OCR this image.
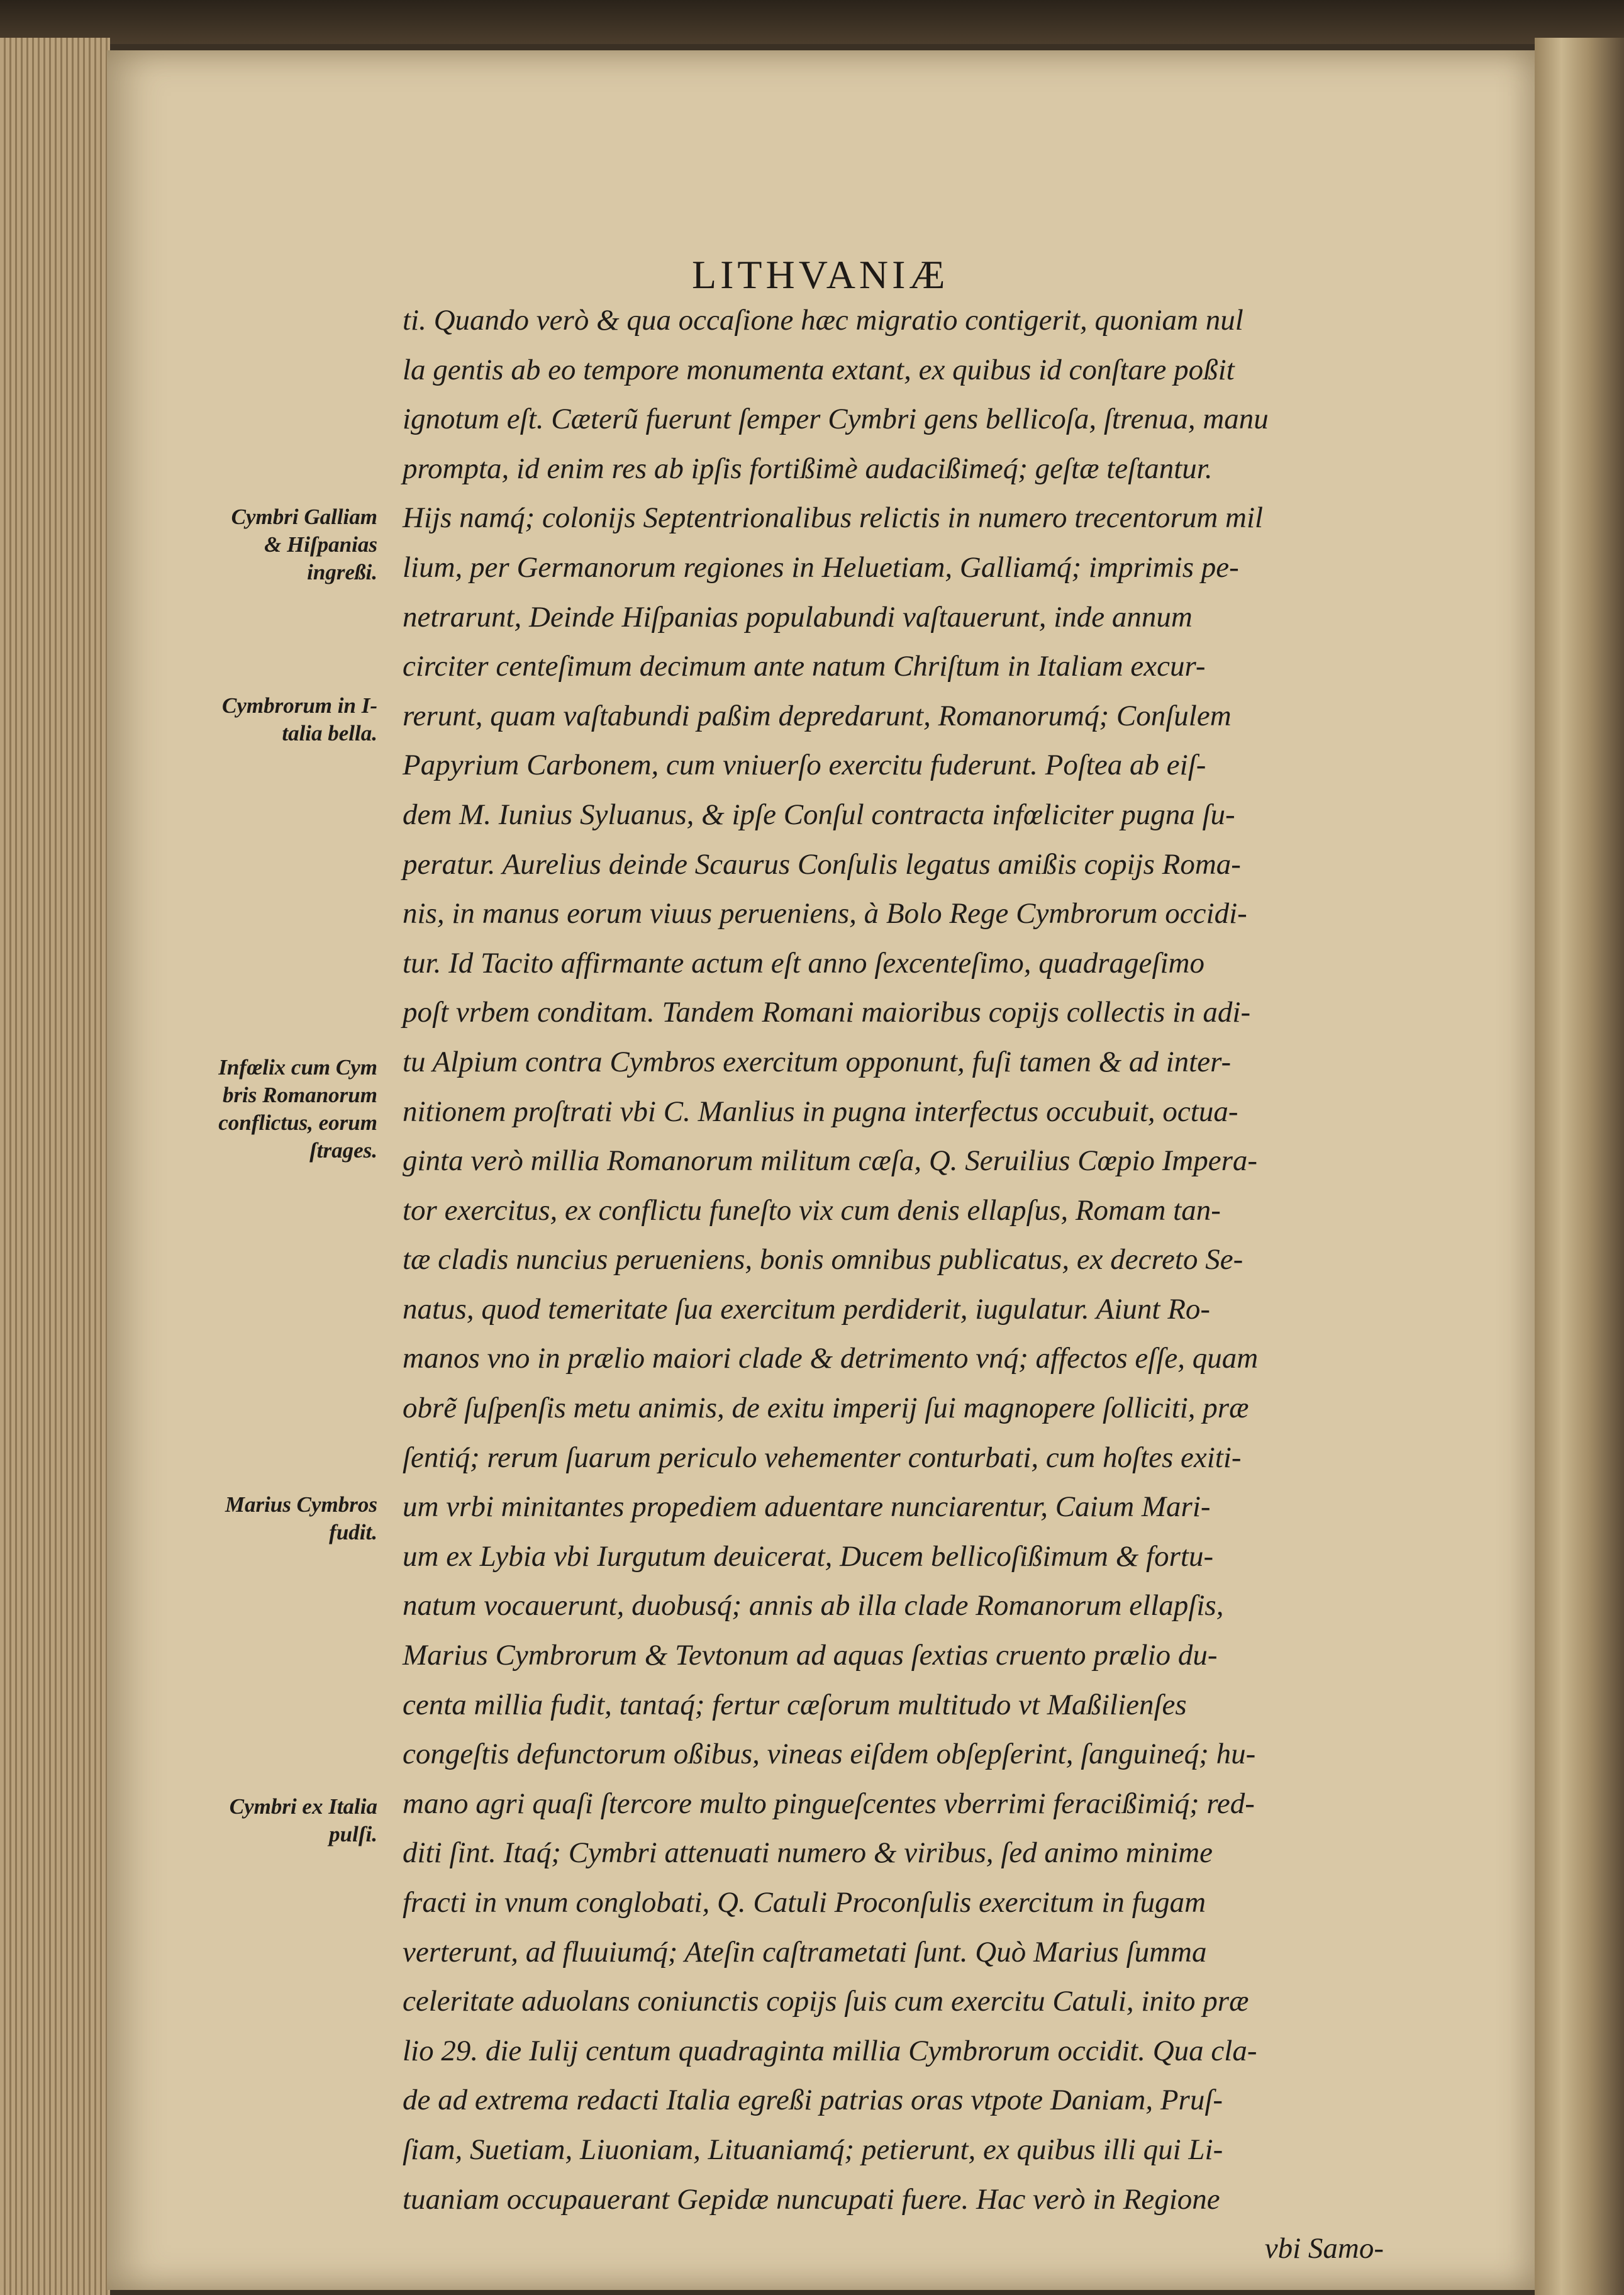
LITHVANIÆ
ti. Quando verò & qua occaſione hæc migratio contigerit, quoniam nul
la gentis ab eo tempore monumenta extant, ex quibus id conſtare poßit
ignotum eſt. Cæterũ fuerunt ſemper Cymbri gens bellicoſa, ſtrenua, manu
prompta, id enim res ab ipſis fortißimè audacißimeq́; geſtæ teſtantur.
Hijs namq́; colonijs Septentrionalibus relictis in numero trecentorum mil
lium, per Germanorum regiones in Heluetiam, Galliamq́; imprimis pe-
netrarunt, Deinde Hiſpanias populabundi vaſtauerunt, inde annum
circiter centeſimum decimum ante natum Chriſtum in Italiam excur-
rerunt, quam vaſtabundi paßim depredarunt, Romanorumq́; Conſulem
Papyrium Carbonem, cum vniuerſo exercitu fuderunt. Poſtea ab eiſ-
dem M. Iunius Syluanus, & ipſe Conſul contracta infœliciter pugna ſu-
peratur. Aurelius deinde Scaurus Conſulis legatus amißis copijs Roma-
nis, in manus eorum viuus perueniens, à Bolo Rege Cymbrorum occidi-
tur. Id Tacito affirmante actum eſt anno ſexcenteſimo, quadrageſimo
poſt vrbem conditam. Tandem Romani maioribus copijs collectis in adi-
tu Alpium contra Cymbros exercitum opponunt, fuſi tamen & ad inter-
nitionem proſtrati vbi C. Manlius in pugna interfectus occubuit, octua-
ginta verò millia Romanorum militum cæſa, Q. Seruilius Cœpio Impera-
tor exercitus, ex conflictu funeſto vix cum denis ellapſus, Romam tan-
tæ cladis nuncius perueniens, bonis omnibus publicatus, ex decreto Se-
natus, quod temeritate ſua exercitum perdiderit, iugulatur. Aiunt Ro-
manos vno in prælio maiori clade & detrimento vnq́; affectos eſſe, quam
obrẽ ſuſpenſis metu animis, de exitu imperij ſui magnopere ſolliciti, præ
ſentiq́; rerum ſuarum periculo vehementer conturbati, cum hoſtes exiti-
um vrbi minitantes propediem aduentare nunciarentur, Caium Mari-
um ex Lybia vbi Iurgutum deuicerat, Ducem bellicoſißimum & fortu-
natum vocauerunt, duobusq́; annis ab illa clade Romanorum ellapſis,
Marius Cymbrorum & Tevtonum ad aquas ſextias cruento prælio du-
centa millia fudit, tantaq́; fertur cæſorum multitudo vt Maßilienſes
congeſtis defunctorum oßibus, vineas eiſdem obſepſerint, ſanguineq́; hu-
mano agri quaſi ſtercore multo pingueſcentes vberrimi feracißimiq́; red-
diti ſint. Itaq́; Cymbri attenuati numero & viribus, ſed animo minime
fracti in vnum conglobati, Q. Catuli Proconſulis exercitum in fugam
verterunt, ad fluuiumq́; Ateſin caſtrametati ſunt. Quò Marius ſumma
celeritate aduolans coniunctis copijs ſuis cum exercitu Catuli, inito præ
lio 29. die Iulij centum quadraginta millia Cymbrorum occidit. Qua cla-
de ad extrema redacti Italia egreßi patrias oras vtpote Daniam, Pruſ-
ſiam, Suetiam, Liuoniam, Lituaniamq́; petierunt, ex quibus illi qui Li-
tuaniam occupauerant Gepidæ nuncupati fuere. Hac verò in Regione
vbi Samo-
Cymbri Galliam
& Hiſpanias
ingreßi.
Cymbrorum in I-
talia bella.
Infœlix cum Cym
bris Romanorum
conflictus, eorum
ſtrages.
Marius Cymbros
fudit.
Cymbri ex Italia
pulſi.
